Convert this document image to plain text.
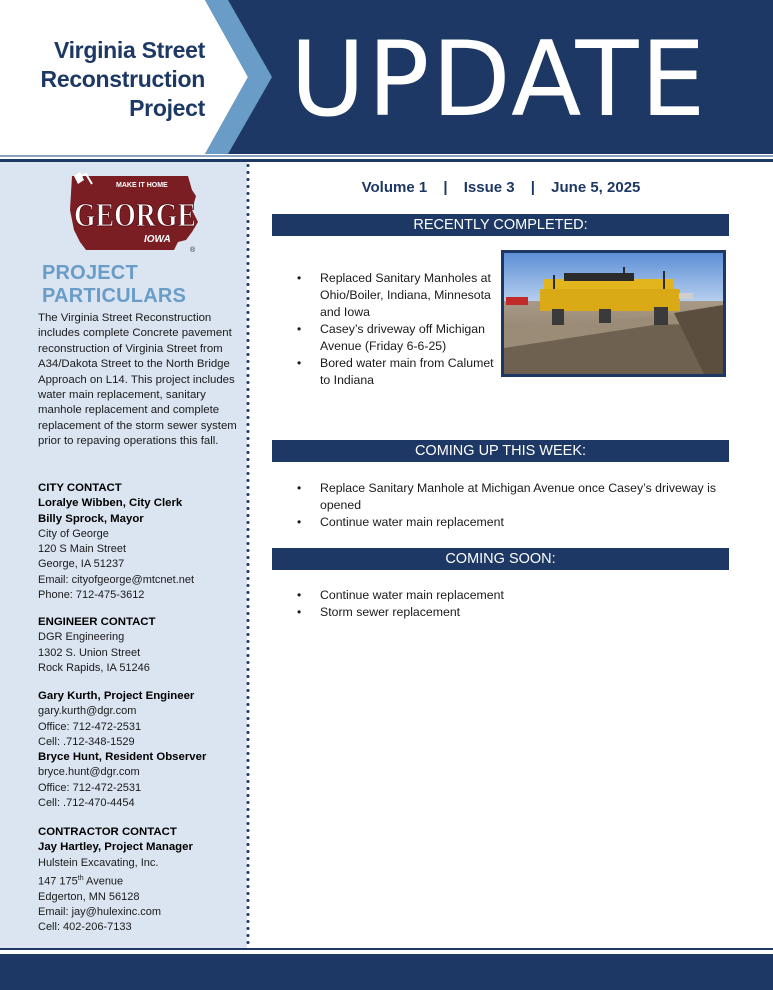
Virginia Street
Reconstruction
Project UPDATE
MAKE IT HOME
GEORGE
IOWA
®
PROJECT
PARTICULARS
The Virginia Street Reconstruction includes complete Concrete pavement reconstruction of Virginia Street from A34/Dakota Street to the North Bridge Approach on L14. This project includes water main replacement, sanitary manhole replacement and complete replacement of the storm sewer system prior to repaving operations this fall.
CITY CONTACT
Loralye Wibben, City Clerk
Billy Sprock, Mayor
City of George
120 S Main Street
George, IA 51237
Email: cityofgeorge@mtcnet.net
Phone: 712-475-3612
ENGINEER CONTACT
DGR Engineering
1302 S. Union Street
Rock Rapids, IA 51246
Gary Kurth, Project Engineer
gary.kurth@dgr.com
Office: 712-472-2531
Cell: .712-348-1529
Bryce Hunt, Resident Observer
bryce.hunt@dgr.com
Office: 712-472-2531
Cell: .712-470-4454
CONTRACTOR CONTACT
Jay Hartley, Project Manager
Hulstein Excavating, Inc.
147 175th Avenue
Edgerton, MN 56128
Email: jay@hulexinc.com
Cell: 402-206-7133
Volume 1 | Issue 3 | June 5, 2025
RECENTLY COMPLETED:
• Replaced Sanitary Manholes at Ohio/Boiler, Indiana, Minnesota and Iowa
• Casey’s driveway off Michigan Avenue (Friday 6-6-25)
• Bored water main from Calumet to Indiana
COMING UP THIS WEEK:
• Replace Sanitary Manhole at Michigan Avenue once Casey’s driveway is opened
• Continue water main replacement
COMING SOON:
• Continue water main replacement
• Storm sewer replacement
